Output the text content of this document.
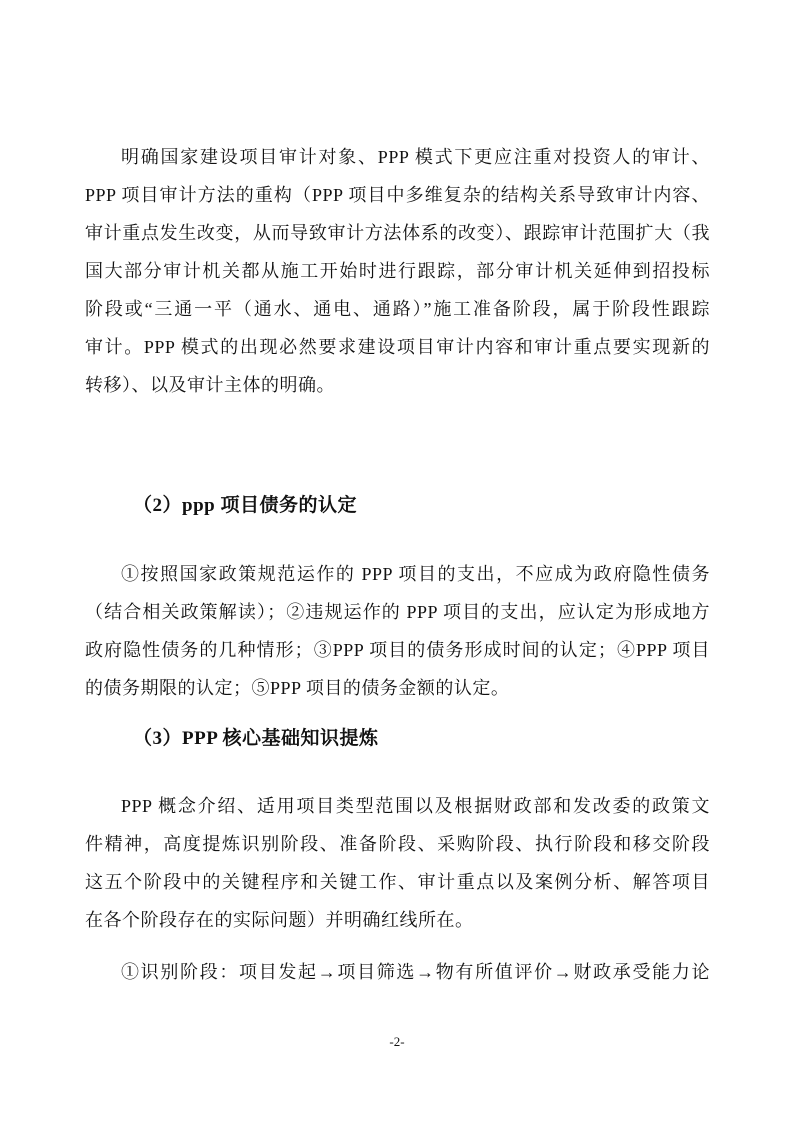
明确国家建设项目审计对象、PPP 模式下更应注重对投资人的审计、
PPP 项目审计方法的重构（PPP 项目中多维复杂的结构关系导致审计内容、
审计重点发生改变，从而导致审计方法体系的改变）、跟踪审计范围扩大（我
国大部分审计机关都从施工开始时进行跟踪，部分审计机关延伸到招投标
阶段或“三通一平（通水、通电、通路）”施工准备阶段，属于阶段性跟踪
审计。PPP 模式的出现必然要求建设项目审计内容和审计重点要实现新的
转移）、以及审计主体的明确。
（2）ppp 项目债务的认定
①按照国家政策规范运作的 PPP 项目的支出，不应成为政府隐性债务
（结合相关政策解读）；②违规运作的 PPP 项目的支出，应认定为形成地方
政府隐性债务的几种情形；③PPP 项目的债务形成时间的认定；④PPP 项目
的债务期限的认定；⑤PPP 项目的债务金额的认定。
（3）PPP 核心基础知识提炼
PPP 概念介绍、适用项目类型范围以及根据财政部和发改委的政策文
件精神，高度提炼识别阶段、准备阶段、采购阶段、执行阶段和移交阶段
这五个阶段中的关键程序和关键工作、审计重点以及案例分析、解答项目
在各个阶段存在的实际问题）并明确红线所在。
①识别阶段：项目发起→项目筛选→物有所值评价→财政承受能力论
-2-
